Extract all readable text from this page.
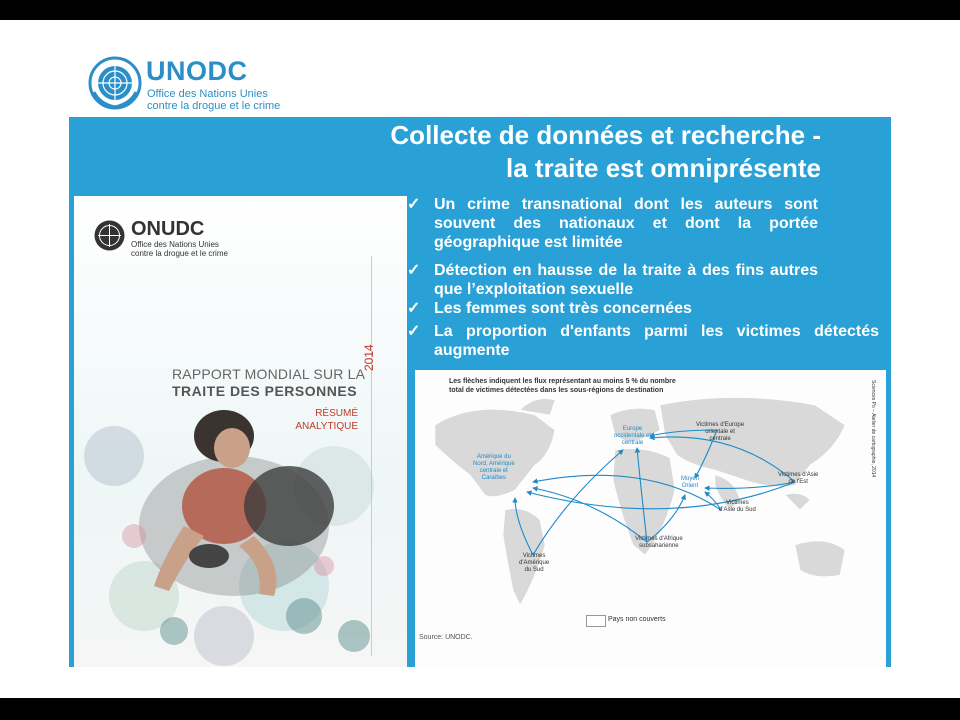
UNODC
Office des Nations Unies
contre la drogue et le crime
Collecte de données et recherche -
la traite est omniprésente
ONUDC
Office des Nations Unies
contre la drogue et le crime
RAPPORT MONDIAL SUR LA
TRAITE DES PERSONNES
2014
RÉSUMÉ
ANALYTIQUE
✓ Un crime transnational dont les auteurs sont souvent des nationaux et dont la portée géographique est limitée
✓ Détection en hausse de la traite à des fins autres que l’exploitation sexuelle
✓ Les femmes sont très concernées
✓ La proportion d'enfants parmi les victimes détectés augmente
Les flèches indiquent les flux représentant au moins 5 % du nombre
total de victimes détectées dans les sous-régions de destination	Sciences Po – Atelier de cartographie, 2014
Europe
occidentale et
centrale
Amérique du
Nord, Amérique
centrale et
Caraïbes	Moyen
Orient
Victimes d'Europe
orientale et
centrale
Victimes d'Asie
de l'Est
Victimes
d'Asie du Sud
Victimes d'Afrique
subsaharienne
Victimes
d'Amérique
du Sud
Pays non couverts
Source: UNODC.
